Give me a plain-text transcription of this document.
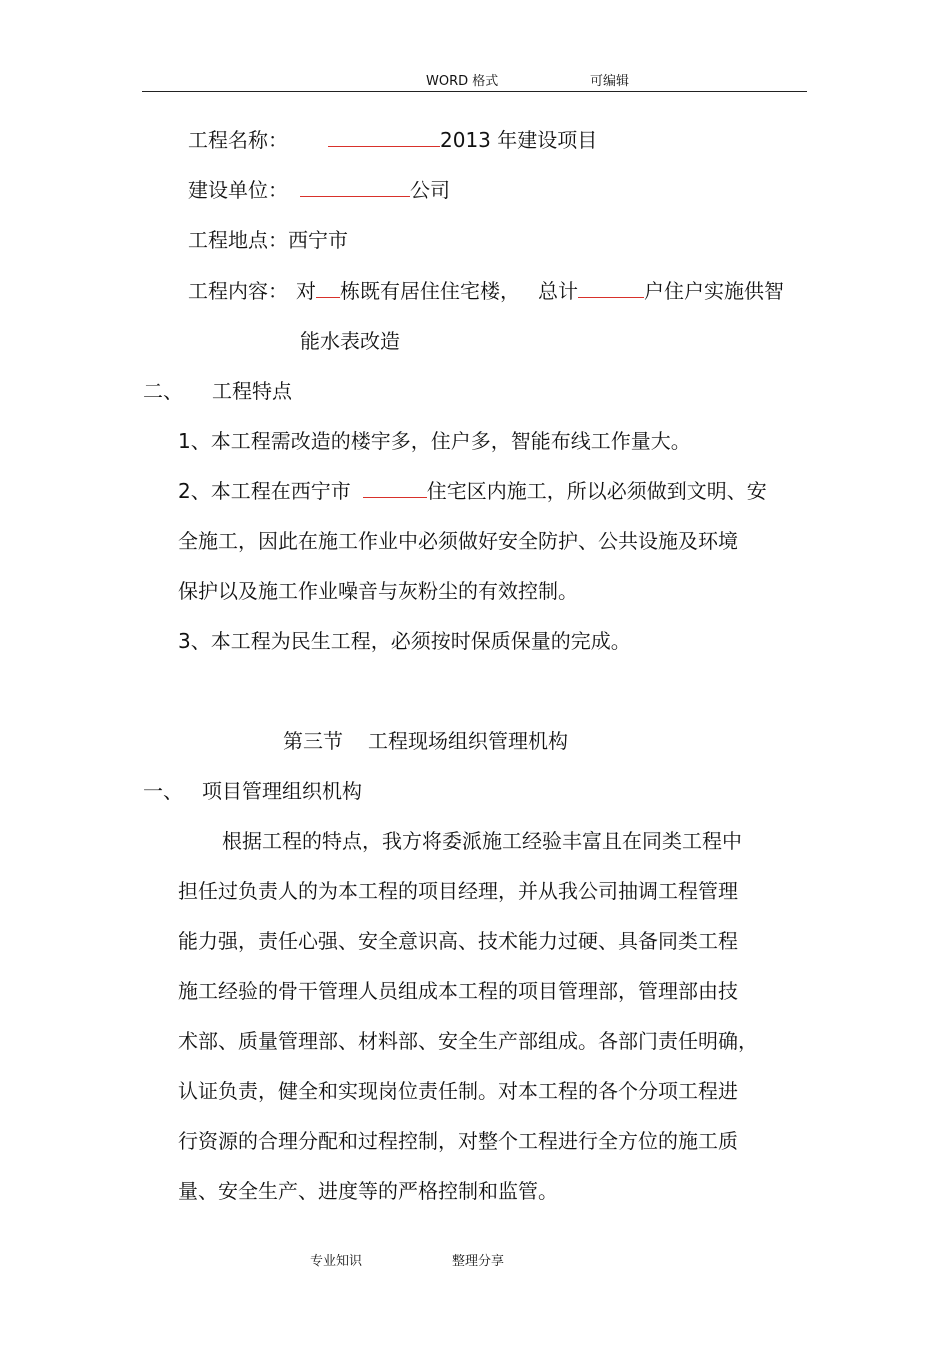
WORD 格式	可编辑
工程名称：	2013 年建设项目
建设单位：	公司
工程地点：西宁市
工程内容： 对 栋既有居住住宅楼， 总计	户住户实施供智
能水表改造
二、 工程特点
1、本工程需改造的楼宇多，住户多，智能布线工作量大。
2、本工程在西宁市	住宅区内施工，所以必须做到文明、安
全施工，因此在施工作业中必须做好安全防护、公共设施及环境
保护以及施工作业噪音与灰粉尘的有效控制。
3、本工程为民生工程，必须按时保质保量的完成。
第三节 工程现场组织管理机构
一、 项目管理组织机构
根据工程的特点，我方将委派施工经验丰富且在同类工程中
担任过负责人的为本工程的项目经理，并从我公司抽调工程管理
能力强，责任心强、安全意识高、技术能力过硬、具备同类工程
施工经验的骨干管理人员组成本工程的项目管理部，管理部由技
术部、质量管理部、材料部、安全生产部组成。各部门责任明确，
认证负责，健全和实现岗位责任制。对本工程的各个分项工程进
行资源的合理分配和过程控制，对整个工程进行全方位的施工质
量、安全生产、进度等的严格控制和监管。
专业知识	整理分享
